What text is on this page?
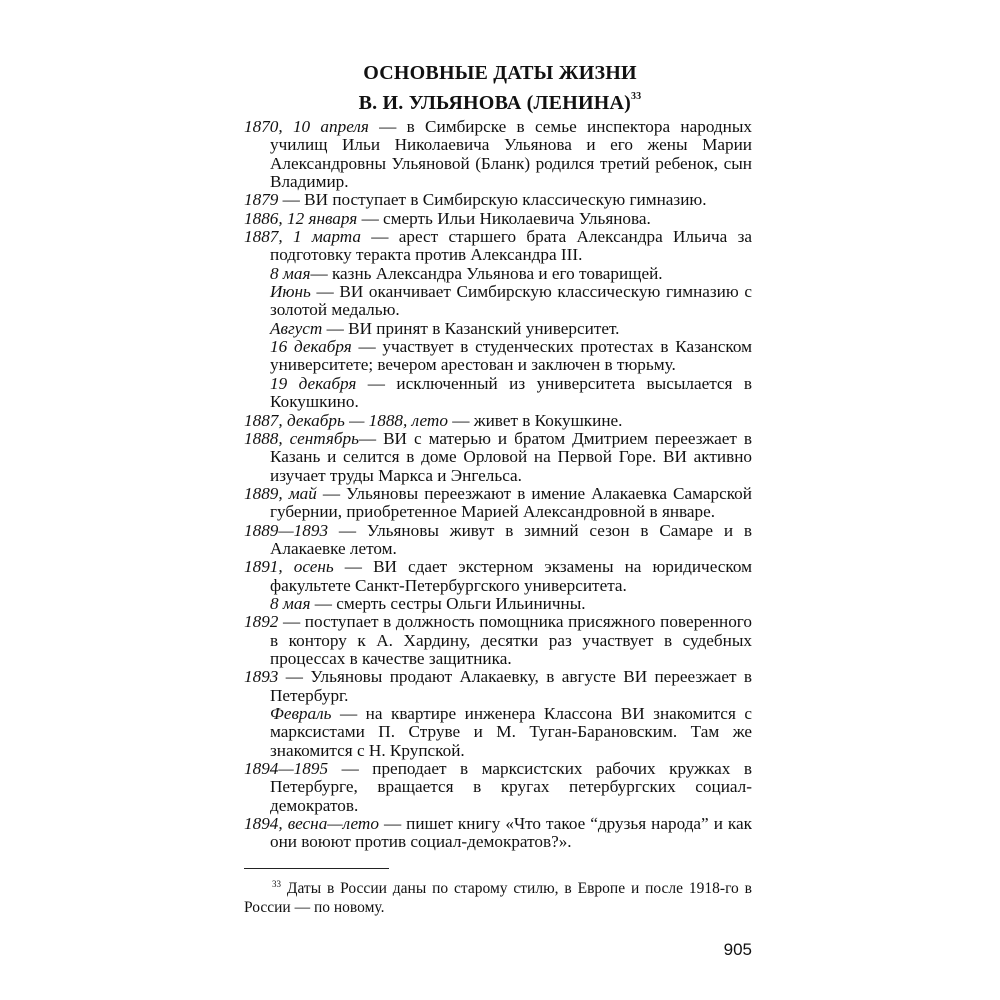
ОСНОВНЫЕ ДАТЫ ЖИЗНИ
В. И. УЛЬЯНОВА (ЛЕНИНА)$^{33}$

1870, 10 апреля — в Симбирске в семье инспектора народных училищ Ильи Николаевича Ульянова и его жены Марии Александровны Ульяновой (Бланк) родился третий ребенок, сын Владимир.

1879 — ВИ поступает в Симбирскую классическую гимназию.

1886, 12 января — смерть Ильи Николаевича Ульянова.

1887, 1 марта — арест старшего брата Александра Ильича за подготовку теракта против Александра III.

8 мая— казнь Александра Ульянова и его товарищей.

Июнь — ВИ оканчивает Симбирскую классическую гимназию с золотой медалью.

Август — ВИ принят в Казанский университет.

16 декабря — участвует в студенческих протестах в Казанском университете; вечером арестован и заключен в тюрьму.

19 декабря — исключенный из университета высылается в Кокушкино.

1887, декабрь — 1888, лето — живет в Кокушкине.

1888, сентябрь— ВИ с матерью и братом Дмитрием переезжает в Казань и селится в доме Орловой на Первой Горе. ВИ активно изучает труды Маркса и Энгельса.

1889, май — Ульяновы переезжают в имение Алакаевка Самарской губернии, приобретенное Марией Александровной в январе.

1889—1893 — Ульяновы живут в зимний сезон в Самаре и в Алакаевке летом.

1891, осень — ВИ сдает экстерном экзамены на юридическом факультете Санкт-Петербургского университета.

8 мая — смерть сестры Ольги Ильиничны.

1892 — поступает в должность помощника присяжного поверенного в контору к А. Хардину, десятки раз участвует в судебных процессах в качестве защитника.

1893 — Ульяновы продают Алакаевку, в августе ВИ переезжает в Петербург.

Февраль — на квартире инженера Классона ВИ знакомится с марксистами П. Струве и М. Туган-Барановским. Там же знакомится с Н. Крупской.

1894—1895 — преподает в марксистских рабочих кружках в Петербурге, вращается в кругах петербургских социал-демократов.

1894, весна—лето — пишет книгу «Что такое “друзья народа” и как они воюют против социал-демократов?».

$^{33}$ Даты в России даны по старому стилю, в Европе и после 1918-го в России — по новому.
905
